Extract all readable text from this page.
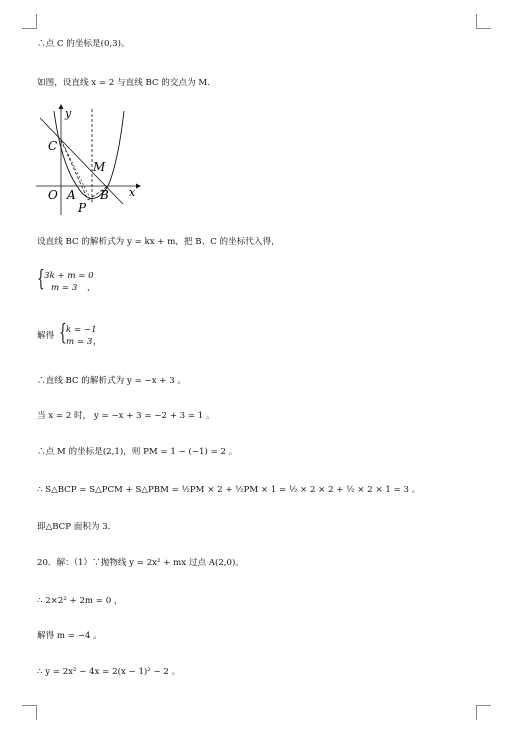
∴点 C 的坐标是(0,3)。
如图，设直线 x = 2 与直线 BC 的交点为 M.
y
x
C
M
O A B
P
设直线 BC 的解析式为 y = kx + m，把 B、C 的坐标代入得，
{ 3k + m = 0
m = 3 ，
解得 { k = −1
m = 3 ，
∴直线 BC 的解析式为 y = −x + 3 。
当 x = 2 时， y = −x + 3 = −2 + 3 = 1 。
∴点 M 的坐标是(2,1)，则 PM = 1 − (−1) = 2 。
∴ S△BCP = S△PCM + S△PBM = ½PM × 2 + ½PM × 1 = ½ × 2 × 2 + ½ × 2 × 1 = 3 。
即△BCP 面积为 3.
20．解：（1）∵抛物线 y = 2x² + mx 过点 A(2,0)。
∴ 2×2² + 2m = 0 ，
解得 m = −4 。
∴ y = 2x² − 4x = 2(x − 1)² − 2 。
